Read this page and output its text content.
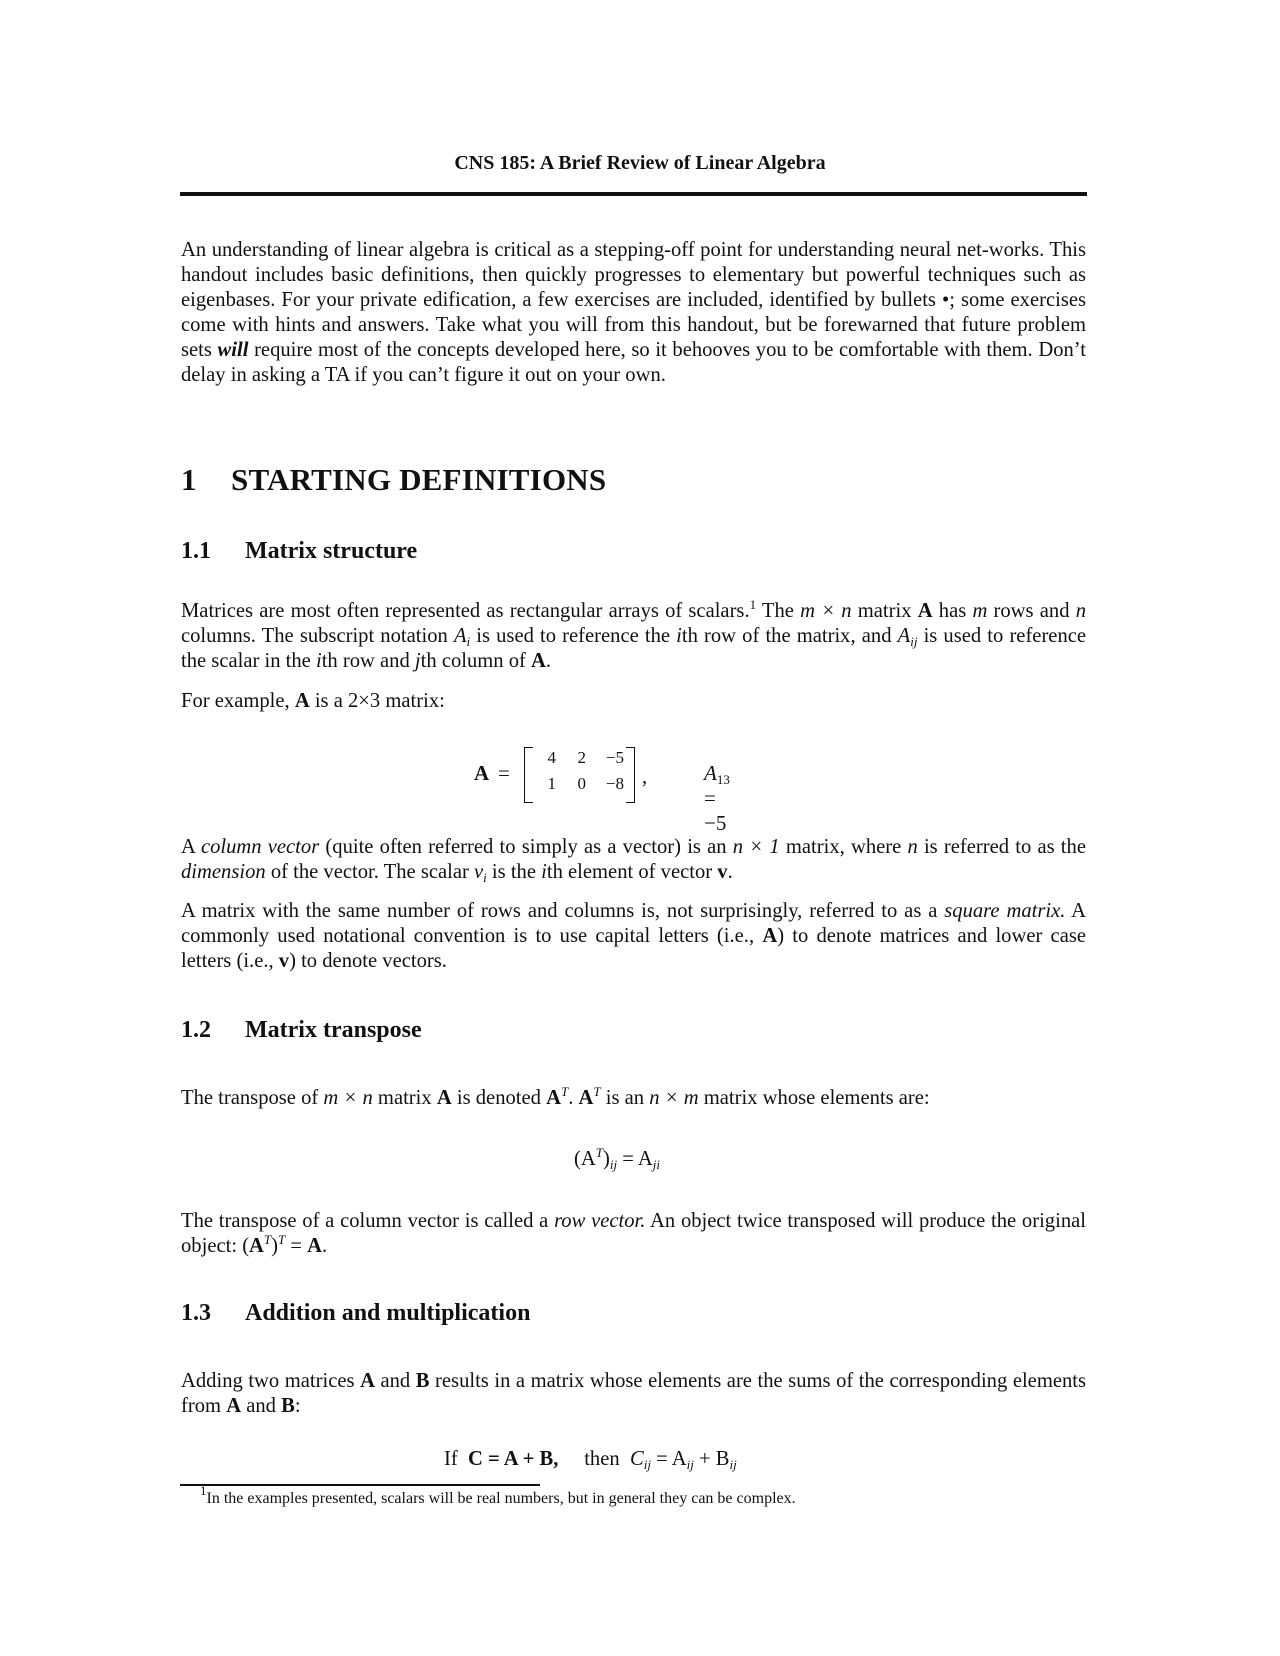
CNS 185: A Brief Review of Linear Algebra

An understanding of linear algebra is critical as a stepping-off point for understanding neural net-works. This handout includes basic definitions, then quickly progresses to elementary but powerful techniques such as eigenbases. For your private edification, a few exercises are included, identified by bullets •; some exercises come with hints and answers. Take what you will from this handout, but be forewarned that future problem sets will require most of the concepts developed here, so it behooves you to be comfortable with them. Don’t delay in asking a TA if you can’t figure it out on your own.

1 STARTING DEFINITIONS
1.1 Matrix structure

Matrices are most often represented as rectangular arrays of scalars.$^1$ The m × n matrix A has m rows and n columns. The subscript notation $A_i$ is used to reference the ith row of the matrix, and $A_{ij}$ is used to reference the scalar in the ith row and jth column of A.

For example, A is a 2×3 matrix:

A =
4	2	−5
1	0	−8 ,	$A_{13} = -5$

A column vector (quite often referred to simply as a vector) is an n × 1 matrix, where n is referred to as the dimension of the vector. The scalar $v_i$ is the ith element of vector v.

A matrix with the same number of rows and columns is, not surprisingly, referred to as a square matrix. A commonly used notational convention is to use capital letters (i.e., A) to denote matrices and lower case letters (i.e., v) to denote vectors.

1.2 Matrix transpose

The transpose of m × n matrix A is denoted $A^T$. $A^T$ is an n × m matrix whose elements are:

$(A^T)_{ij} = A_{ji}$

The transpose of a column vector is called a row vector. An object twice transposed will produce the original object: $(A^T)^T = A$.

1.3 Addition and multiplication

Adding two matrices A and B results in a matrix whose elements are the sums of the corresponding elements from A and B:

If C = A + B, then $C_{ij} = A_{ij} + B_{ij}$
$^1$In the examples presented, scalars will be real numbers, but in general they can be complex.
